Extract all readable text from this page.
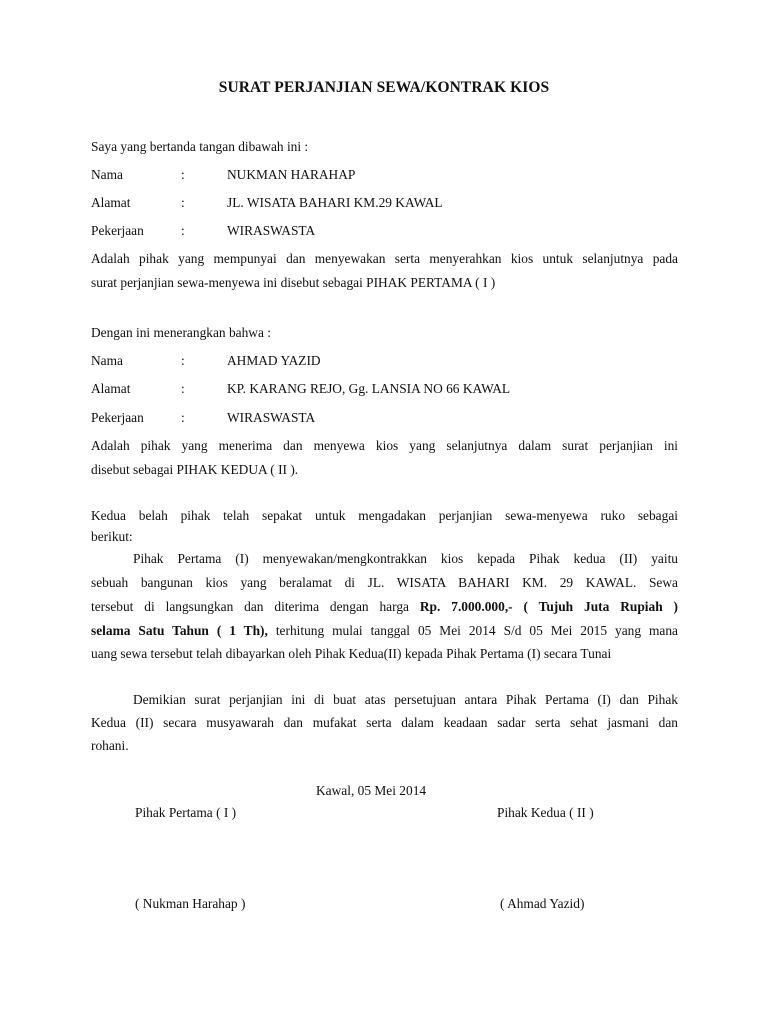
SURAT PERJANJIAN SEWA/KONTRAK KIOS
Saya yang bertanda tangan dibawah ini :
Nama	:	NUKMAN HARAHAP
Alamat	:	JL. WISATA BAHARI KM.29 KAWAL
Pekerjaan	:	WIRASWASTA
Adalah pihak yang mempunyai dan menyewakan serta menyerahkan kios untuk selanjutnya pada
surat perjanjian sewa-menyewa ini disebut sebagai PIHAK PERTAMA ( I )
Dengan ini menerangkan bahwa :
Nama	:	AHMAD YAZID
Alamat	:	KP. KARANG REJO, Gg. LANSIA NO 66 KAWAL
Pekerjaan	:	WIRASWASTA
Adalah pihak yang menerima dan menyewa kios yang selanjutnya dalam surat perjanjian ini
disebut sebagai PIHAK KEDUA ( II ).
Kedua belah pihak telah sepakat untuk mengadakan perjanjian sewa-menyewa ruko sebagai
berikut:
Pihak Pertama (I) menyewakan/mengkontrakkan kios kepada Pihak kedua (II) yaitu
sebuah bangunan kios yang beralamat di JL. WISATA BAHARI KM. 29 KAWAL. Sewa
tersebut di langsungkan dan diterima dengan harga Rp. 7.000.000,- ( Tujuh Juta Rupiah )
selama Satu Tahun ( 1 Th), terhitung mulai tanggal 05 Mei 2014 S/d 05 Mei 2015 yang mana
uang sewa tersebut telah dibayarkan oleh Pihak Kedua(II) kepada Pihak Pertama (I) secara Tunai
Demikian surat perjanjian ini di buat atas persetujuan antara Pihak Pertama (I) dan Pihak
Kedua (II) secara musyawarah dan mufakat serta dalam keadaan sadar serta sehat jasmani dan
rohani.
Kawal, 05 Mei 2014
Pihak Pertama ( I )	Pihak Kedua ( II )
( Nukman Harahap )	( Ahmad Yazid)
